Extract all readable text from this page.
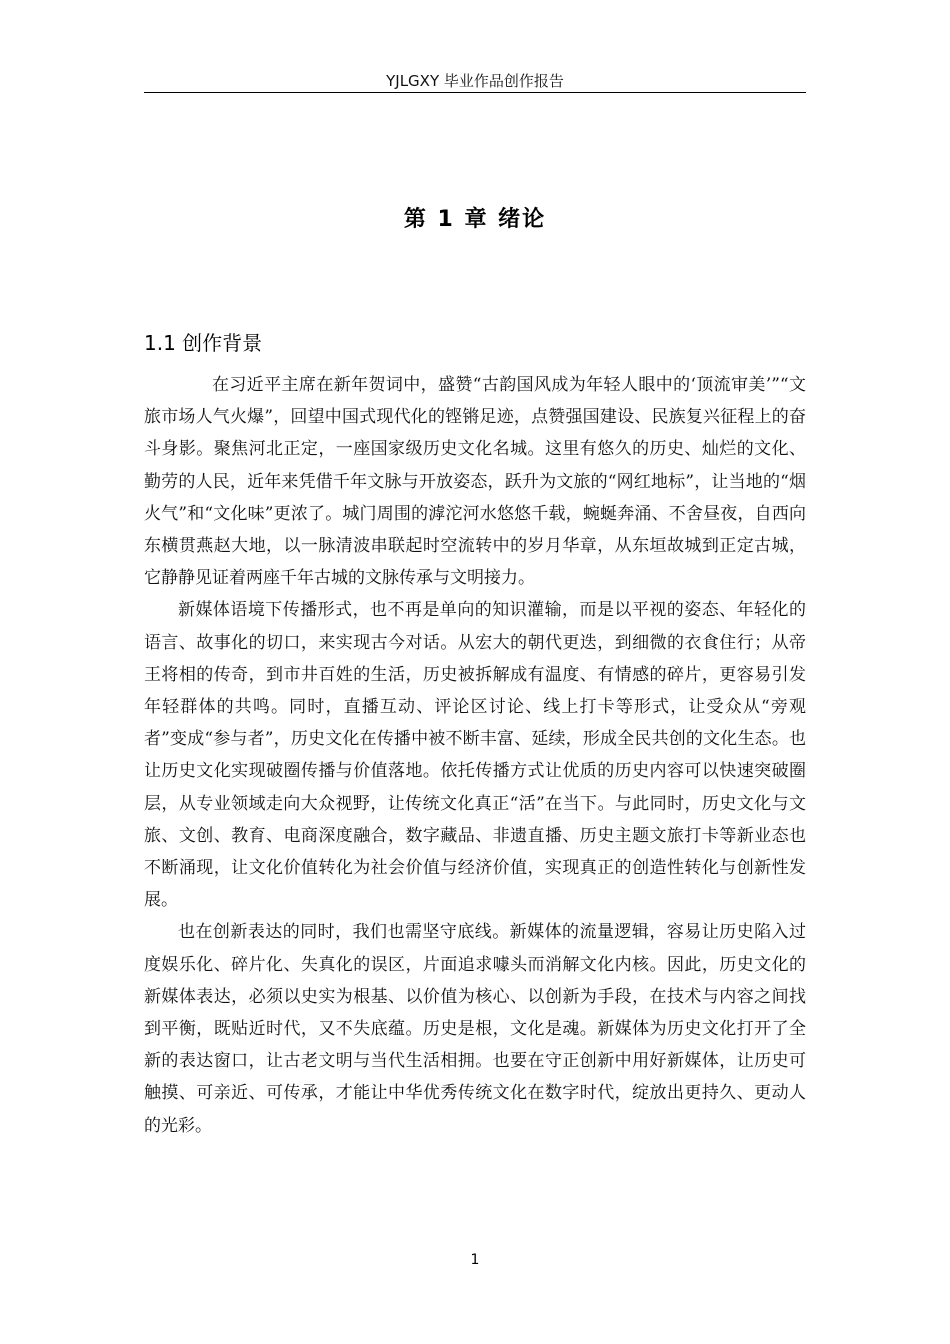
YJLGXY 毕业作品创作报告
第 1 章 绪论
1.1 创作背景

在习近平主席在新年贺词中，盛赞“古韵国风成为年轻人眼中的‘顶流审美’”“文旅市场人气火爆”，回望中国式现代化的铿锵足迹，点赞强国建设、民族复兴征程上的奋斗身影。聚焦河北正定，一座国家级历史文化名城。这里有悠久的历史、灿烂的文化、勤劳的人民，近年来凭借千年文脉与开放姿态，跃升为文旅的“网红地标”，让当地的“烟火气”和“文化味”更浓了。城门周围的滹沱河水悠悠千载，蜿蜒奔涌、不舍昼夜，自西向东横贯燕赵大地，以一脉清波串联起时空流转中的岁月华章，从东垣故城到正定古城，它静静见证着两座千年古城的文脉传承与文明接力。

新媒体语境下传播形式，也不再是单向的知识灌输，而是以平视的姿态、年轻化的语言、故事化的切口，来实现古今对话。从宏大的朝代更迭，到细微的衣食住行；从帝王将相的传奇，到市井百姓的生活，历史被拆解成有温度、有情感的碎片，更容易引发年轻群体的共鸣。同时，直播互动、评论区讨论、线上打卡等形式，让受众从“旁观者”变成“参与者”，历史文化在传播中被不断丰富、延续，形成全民共创的文化生态。也让历史文化实现破圈传播与价值落地。依托传播方式让优质的历史内容可以快速突破圈层，从专业领域走向大众视野，让传统文化真正“活”在当下。与此同时，历史文化与文旅、文创、教育、电商深度融合，数字藏品、非遗直播、历史主题文旅打卡等新业态也不断涌现，让文化价值转化为社会价值与经济价值，实现真正的创造性转化与创新性发展。

也在创新表达的同时，我们也需坚守底线。新媒体的流量逻辑，容易让历史陷入过度娱乐化、碎片化、失真化的误区，片面追求噱头而消解文化内核。因此，历史文化的新媒体表达，必须以史实为根基、以价值为核心、以创新为手段，在技术与内容之间找到平衡，既贴近时代，又不失底蕴。历史是根，文化是魂。新媒体为历史文化打开了全新的表达窗口，让古老文明与当代生活相拥。也要在守正创新中用好新媒体，让历史可触摸、可亲近、可传承，才能让中华优秀传统文化在数字时代，绽放出更持久、更动人的光彩。

1
